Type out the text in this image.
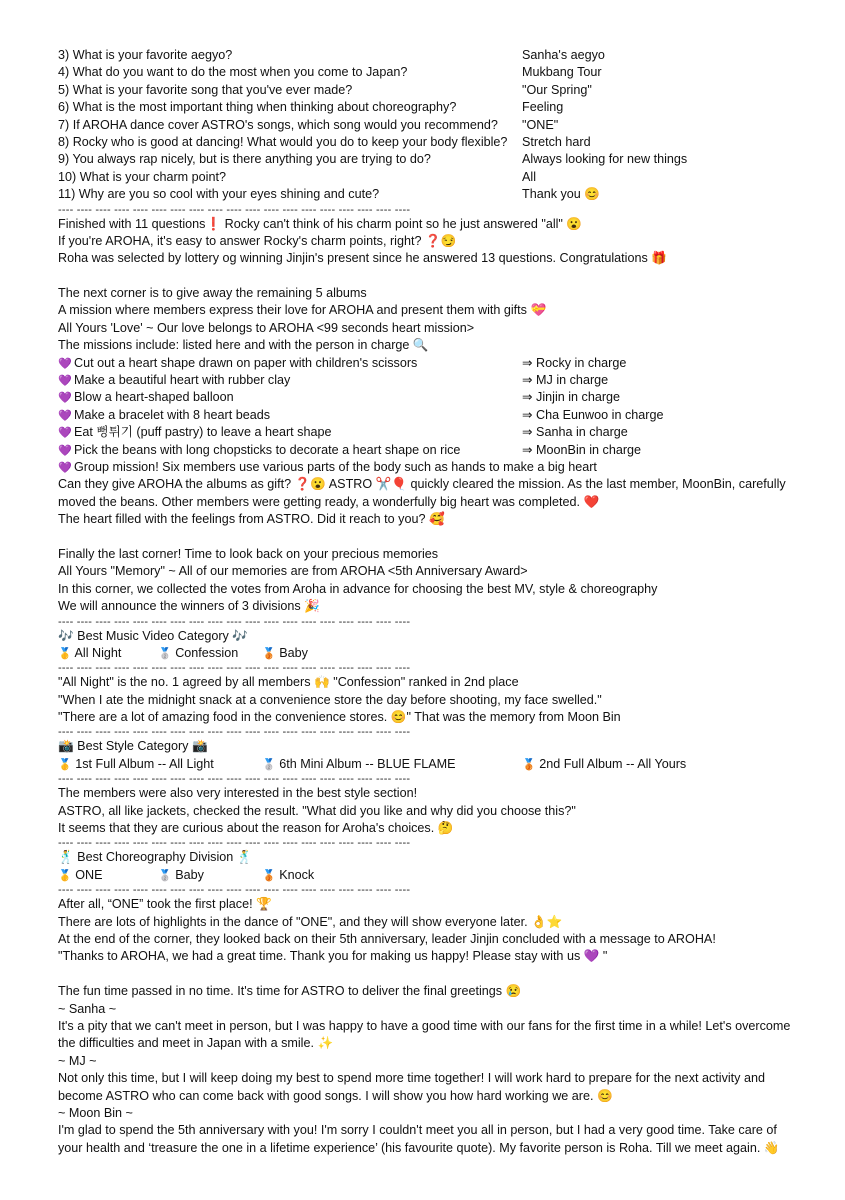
3) What is your favorite aegyo?	Sanha's aegyo
4) What do you want to do the most when you come to Japan?	Mukbang Tour
5) What is your favorite song that you've ever made?	"Our Spring"
6) What is the most important thing when thinking about choreography?	Feeling
7) If AROHA dance cover ASTRO's songs, which song would you recommend? "ONE"
8) Rocky who is good at dancing! What would you do to keep your body flexible? Stretch hard
9) You always rap nicely, but is there anything you are trying to do?	Always looking for new things
10) What is your charm point?	All
11) Why are you so cool with your eyes shining and cute?	Thank you 😊
---- ---- ---- ---- ---- ---- ---- ---- ---- ---- ---- ---- ---- ---- ---- ---- ---- ---- ----
Finished with 11 questions❗ Rocky can't think of his charm point so he just answered "all" 😮
If you're AROHA, it's easy to answer Rocky's charm points, right? ❓😏
Roha was selected by lottery og winning Jinjin's present since he answered 13 questions. Congratulations 🎁
The next corner is to give away the remaining 5 albums
A mission where members express their love for AROHA and present them with gifts 💝
All Yours 'Love' ~ Our love belongs to AROHA <99 seconds heart mission>
The missions include: listed here and with the person in charge 🔍
💜 Cut out a heart shape drawn on paper with children's scissors	⇒ Rocky in charge
💜 Make a beautiful heart with rubber clay	⇒ MJ in charge
💜 Blow a heart-shaped balloon	⇒ Jinjin in charge
💜 Make a bracelet with 8 heart beads	⇒ Cha Eunwoo in charge
💜 Eat 뻥튀기 (puff pastry) to leave a heart shape	⇒ Sanha in charge
💜 Pick the beans with long chopsticks to decorate a heart shape on rice	⇒ MoonBin in charge
💜 Group mission! Six members use various parts of the body such as hands to make a big heart
Can they give AROHA the albums as gift? ❓😮 ASTRO ✂️🎈 quickly cleared the mission. As the last member, MoonBin, carefully moved the beans. Other members were getting ready, a wonderfully big heart was completed. ❤️
The heart filled with the feelings from ASTRO. Did it reach to you? 🥰
Finally the last corner! Time to look back on your precious memories
All Yours "Memory" ~ All of our memories are from AROHA <5th Anniversary Award>
In this corner, we collected the votes from Aroha in advance for choosing the best MV, style & choreography
We will announce the winners of 3 divisions 🎉
---- ---- ---- ---- ---- ---- ---- ---- ---- ---- ---- ---- ---- ---- ---- ---- ---- ---- ----
🎶 Best Music Video Category 🎶
🥇 All Night	🥈 Confession 🥉 Baby
---- ---- ---- ---- ---- ---- ---- ---- ---- ---- ---- ---- ---- ---- ---- ---- ---- ---- ----
"All Night" is the no. 1 agreed by all members 🙌 "Confession" ranked in 2nd place
"When I ate the midnight snack at a convenience store the day before shooting, my face swelled."
"There are a lot of amazing food in the convenience stores. 😊" That was the memory from Moon Bin
---- ---- ---- ---- ---- ---- ---- ---- ---- ---- ---- ---- ---- ---- ---- ---- ---- ---- ----
📸 Best Style Category 📸
🥇 1st Full Album -- All Light	🥈 6th Mini Album -- BLUE FLAME	🥉 2nd Full Album -- All Yours
---- ---- ---- ---- ---- ---- ---- ---- ---- ---- ---- ---- ---- ---- ---- ---- ---- ---- ----
The members were also very interested in the best style section!
ASTRO, all like jackets, checked the result. "What did you like and why did you choose this?"
It seems that they are curious about the reason for Aroha's choices. 🤔
---- ---- ---- ---- ---- ---- ---- ---- ---- ---- ---- ---- ---- ---- ---- ---- ---- ---- ----
🕺 Best Choreography Division 🕺
🥇 ONE	🥈 Baby	🥉 Knock
---- ---- ---- ---- ---- ---- ---- ---- ---- ---- ---- ---- ---- ---- ---- ---- ---- ---- ----
After all, “ONE” took the first place! 🏆
There are lots of highlights in the dance of "ONE", and they will show everyone later. 👌⭐
At the end of the corner, they looked back on their 5th anniversary, leader Jinjin concluded with a message to AROHA!
"Thanks to AROHA, we had a great time. Thank you for making us happy! Please stay with us 💜 "
The fun time passed in no time. It's time for ASTRO to deliver the final greetings 😢
~ Sanha ~
It's a pity that we can't meet in person, but I was happy to have a good time with our fans for the first time in a while! Let's overcome the difficulties and meet in Japan with a smile. ✨
~ MJ ~
Not only this time, but I will keep doing my best to spend more time together! I will work hard to prepare for the next activity and become ASTRO who can come back with good songs. I will show you how hard working we are. 😊
~ Moon Bin ~
I'm glad to spend the 5th anniversary with you! I'm sorry I couldn't meet you all in person, but I had a very good time. Take care of your health and ‘treasure the one in a lifetime experience’ (his favourite quote). My favorite person is Roha. Till we meet again. 👋
